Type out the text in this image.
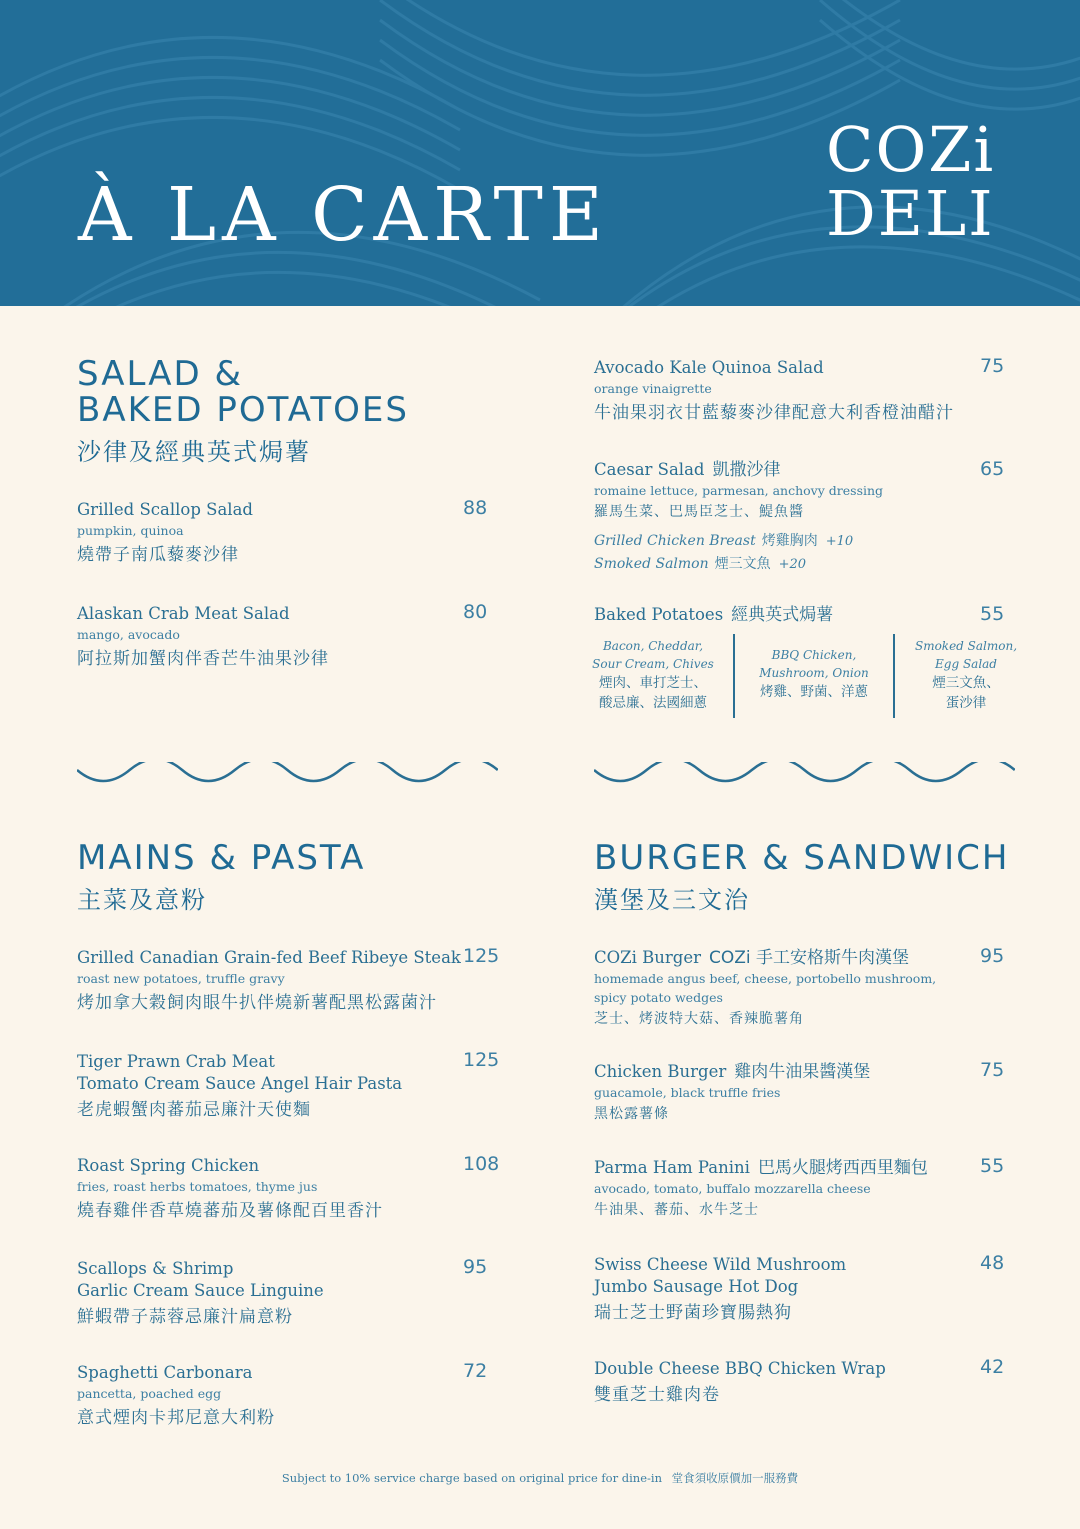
À LA CARTE
COZi
DELI
SALAD &
BAKED POTATOES
沙律及經典英式焗薯
Grilled Scallop Salad
pumpkin, quinoa
燒帶子南瓜藜麥沙律
88
Alaskan Crab Meat Salad
mango, avocado
阿拉斯加蟹肉伴香芒牛油果沙律
80
Avocado Kale Quinoa Salad
orange vinaigrette
牛油果羽衣甘藍藜麥沙律配意大利香橙油醋汁
75
Caesar Salad 凱撒沙律
romaine lettuce, parmesan, anchovy dressing
羅馬生菜、巴馬臣芝士、鯷魚醬
Grilled Chicken Breast 烤雞胸肉 +10
Smoked Salmon 煙三文魚 +20
65
Baked Potatoes 經典英式焗薯	55
Bacon, Cheddar,
Sour Cream, Chives
煙肉、車打芝士、
酸忌廉、法國細蔥
BBQ Chicken,
Mushroom, Onion
烤雞、野菌、洋蔥
Smoked Salmon,
Egg Salad
煙三文魚、
蛋沙律
MAINS & PASTA
主菜及意粉
Grilled Canadian Grain-fed Beef Ribeye Steak
roast new potatoes, truffle gravy
烤加拿大穀飼肉眼牛扒伴燒新薯配黑松露菌汁
125
Tiger Prawn Crab Meat
Tomato Cream Sauce Angel Hair Pasta
老虎蝦蟹肉蕃茄忌廉汁天使麵
125
Roast Spring Chicken
fries, roast herbs tomatoes, thyme jus
燒春雞伴香草燒蕃茄及薯條配百里香汁
108
Scallops & Shrimp
Garlic Cream Sauce Linguine
鮮蝦帶子蒜蓉忌廉汁扁意粉
95
Spaghetti Carbonara
pancetta, poached egg
意式煙肉卡邦尼意大利粉
72
BURGER & SANDWICH
漢堡及三文治
COZi Burger COZi 手工安格斯牛肉漢堡
homemade angus beef, cheese, portobello mushroom,
spicy potato wedges
芝士、烤波特大菇、香辣脆薯角
95
Chicken Burger 雞肉牛油果醬漢堡
guacamole, black truffle fries
黑松露薯條
75
Parma Ham Panini 巴馬火腿烤西西里麵包
avocado, tomato, buffalo mozzarella cheese
牛油果、蕃茄、水牛芝士
55
Swiss Cheese Wild Mushroom
Jumbo Sausage Hot Dog
瑞士芝士野菌珍寶腸熱狗
48
Double Cheese BBQ Chicken Wrap
雙重芝士雞肉卷
42
Subject to 10% service charge based on original price for dine-in 堂食須收原價加一服務費
